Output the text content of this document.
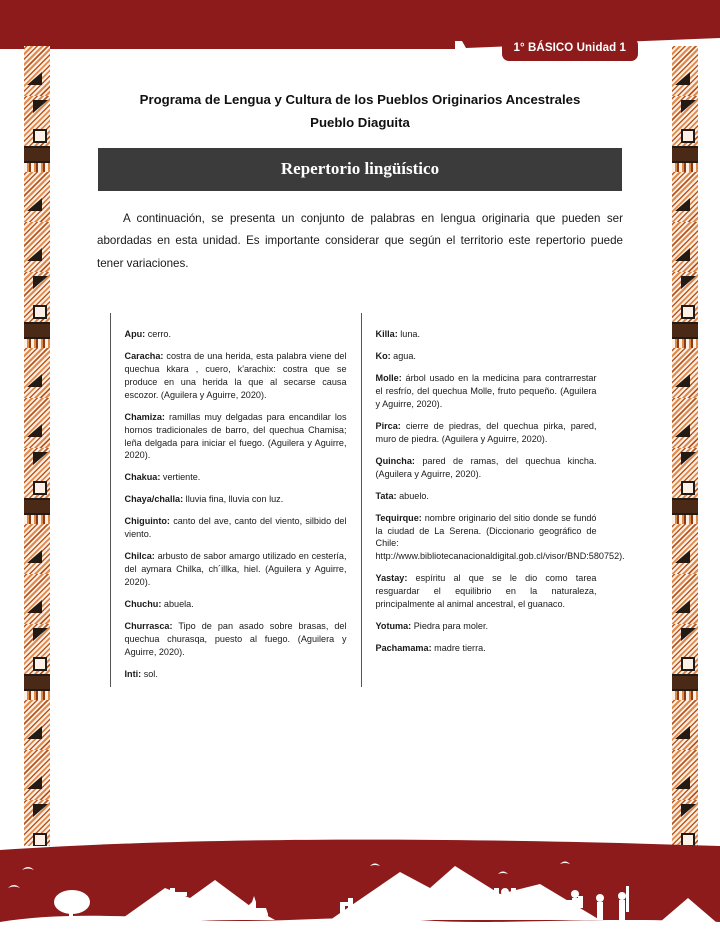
1° BÁSICO Unidad 1
Programa de Lengua y Cultura de los Pueblos Originarios Ancestrales
Pueblo Diaguita
Repertorio lingüístico
A continuación, se presenta un conjunto de palabras en lengua originaria que pueden ser abordadas en esta unidad. Es importante considerar que según el territorio este repertorio puede tener variaciones.

Apu: cerro.

Caracha: costra de una herida, esta palabra viene del quechua kkara , cuero, k'arachix: costra que se produce en una herida la que al secarse causa escozor. (Aguilera y Aguirre, 2020).

Chamiza: ramillas muy delgadas para encandilar los hornos tradicionales de barro, del quechua Chamisa; leña delgada para iniciar el fuego. (Aguilera y Aguirre, 2020).

Chakua: vertiente.

Chaya/challa: lluvia fina, lluvia con luz.

Chiguinto: canto del ave, canto del viento, silbido del viento.

Chilca: arbusto de sabor amargo utilizado en cestería, del aymara Chilka, ch´illka, hiel. (Aguilera y Aguirre, 2020).

Chuchu: abuela.

Churrasca: Tipo de pan asado sobre brasas, del quechua churasqa, puesto al fuego. (Aguilera y Aguirre, 2020).

Inti: sol.

Killa: luna.

Ko: agua.

Molle: árbol usado en la medicina para contrarrestar el resfrío, del quechua Molle, fruto pequeño. (Aguilera y Aguirre, 2020).

Pirca: cierre de piedras, del quechua pirka, pared, muro de piedra. (Aguilera y Aguirre, 2020).

Quincha: pared de ramas, del quechua kincha. (Aguilera y Aguirre, 2020).

Tata: abuelo.

Tequirque: nombre originario del sitio donde se fundó la ciudad de La Serena. (Diccionario geográfico de Chile: http://www.bibliotecanacionaldigital.gob.cl/visor/BND:580752).

Yastay: espíritu al que se le dio como tarea resguardar el equilibrio en la naturaleza, principalmente al animal ancestral, el guanaco.

Yotuma: Piedra para moler.

Pachamama: madre tierra.
